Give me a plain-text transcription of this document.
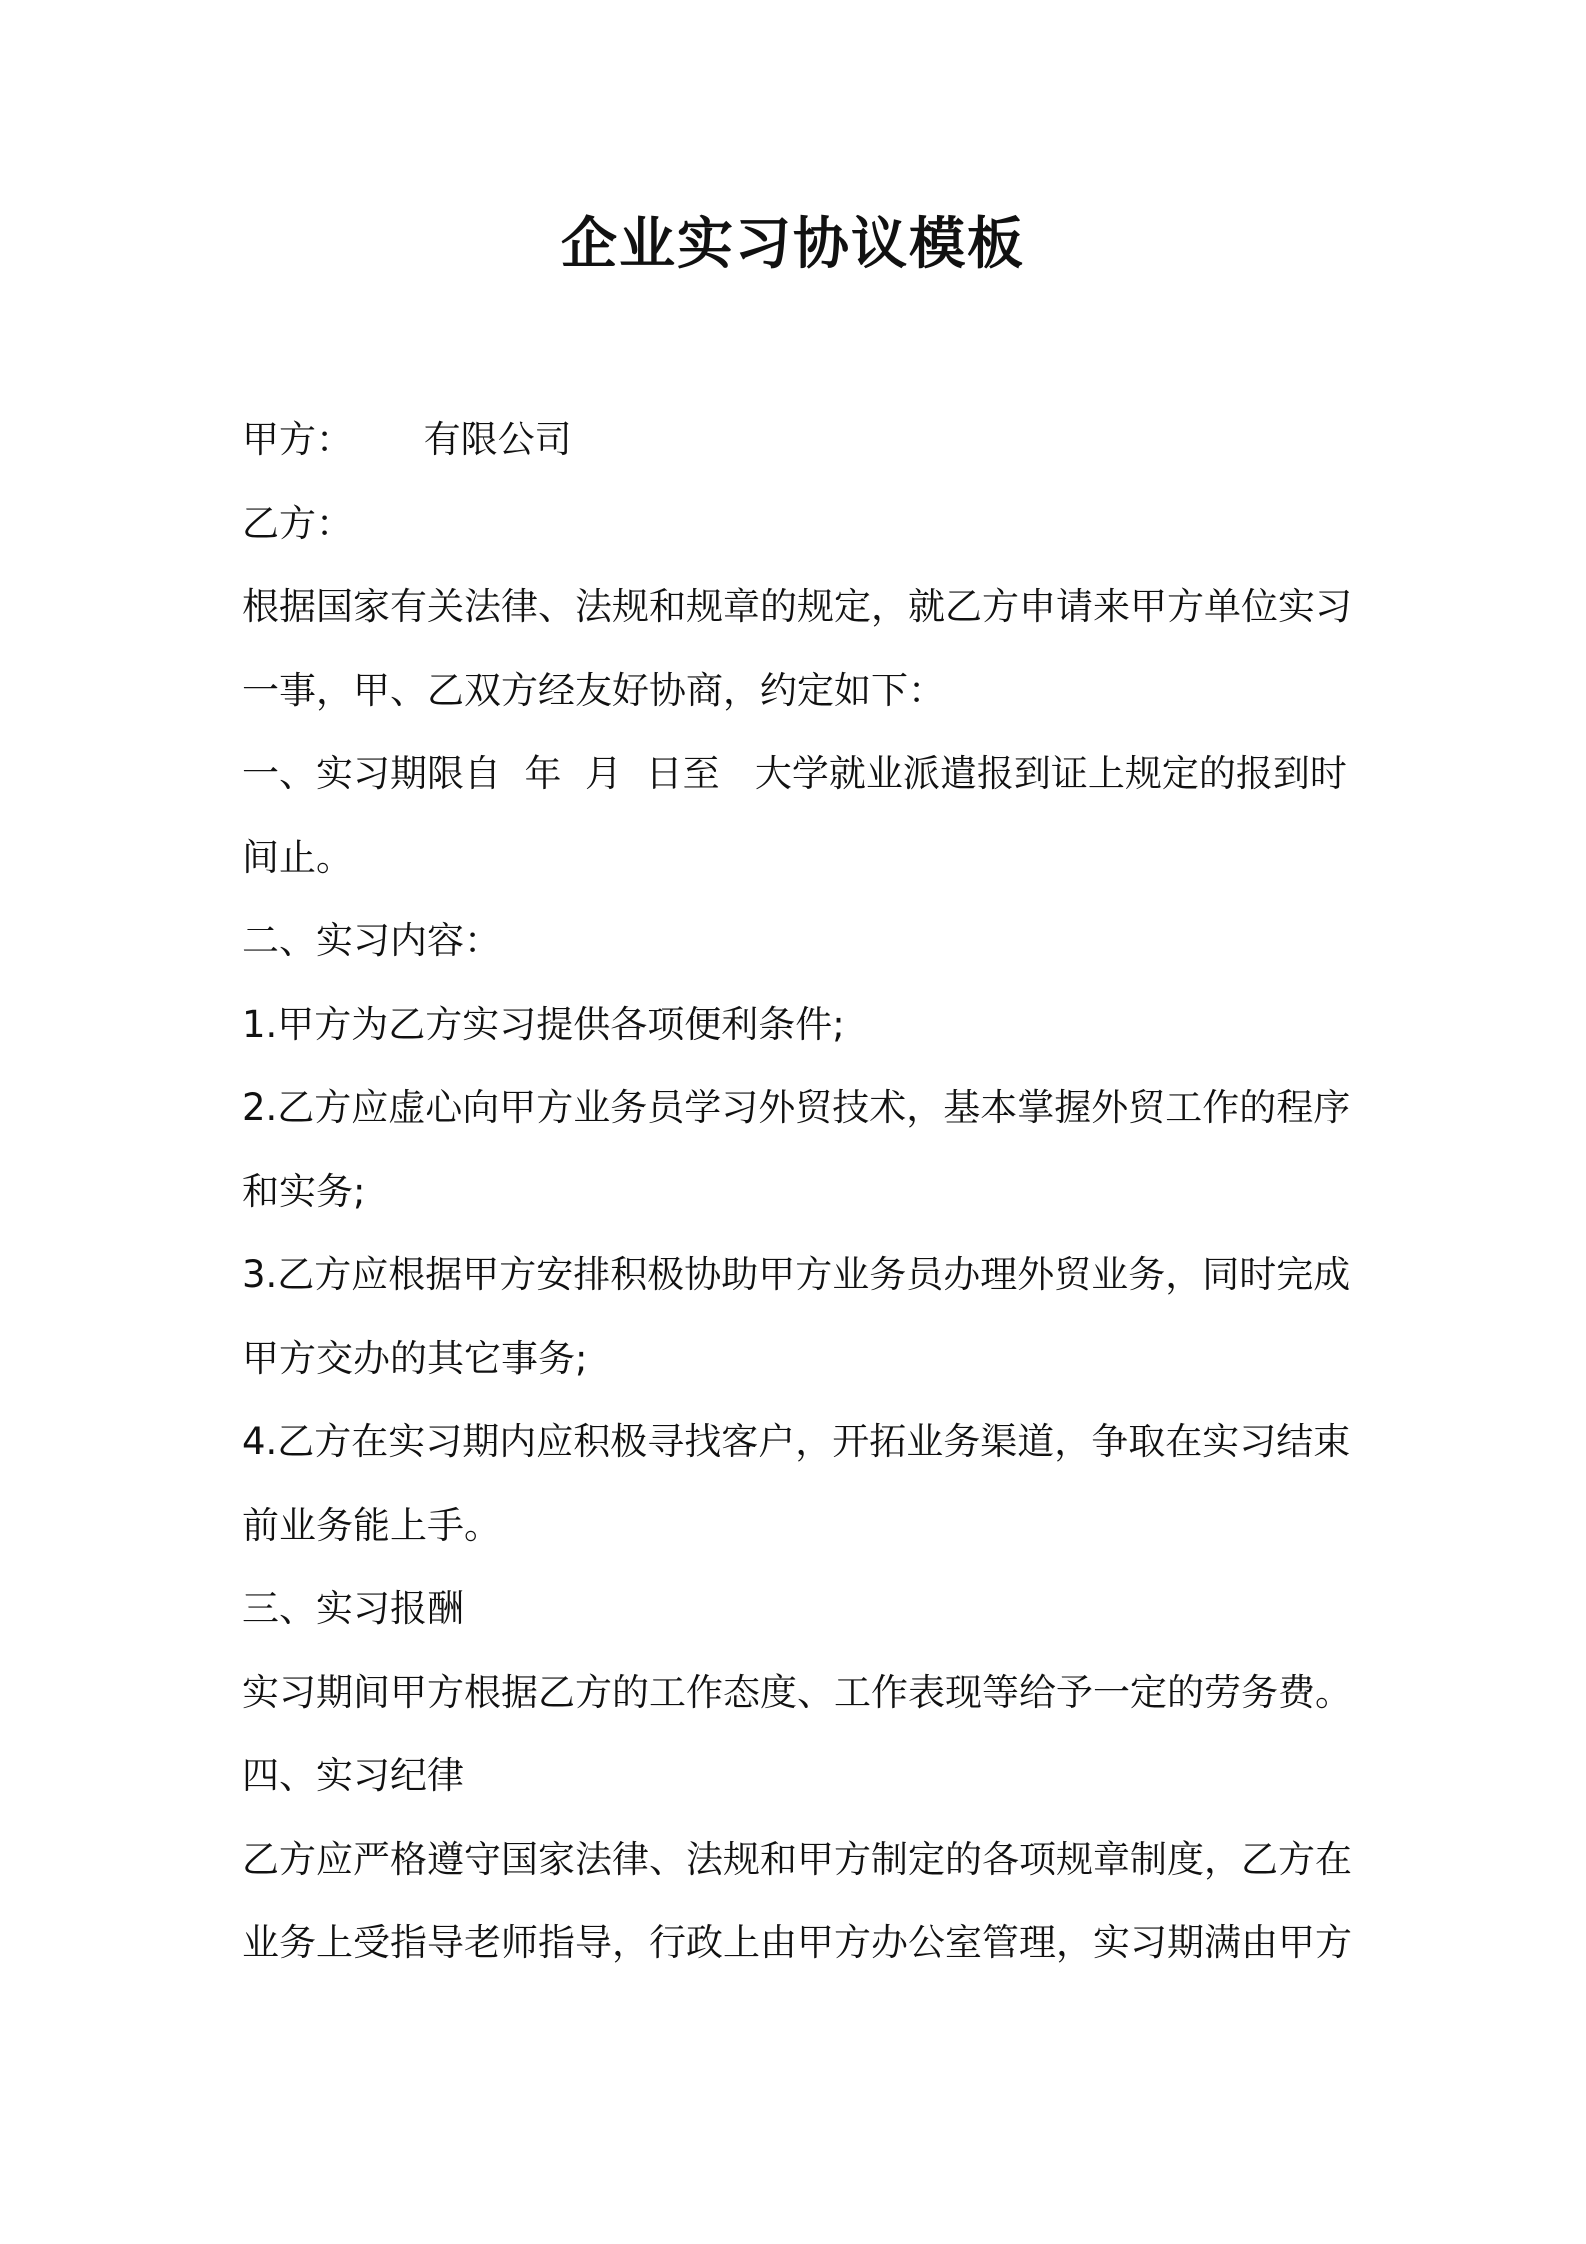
企业实习协议模板
甲方：      有限公司
乙方：
根据国家有关法律、法规和规章的规定，就乙方申请来甲方单位实习
一事，甲、乙双方经友好协商，约定如下：
一、实习期限自  年  月  日至   大学就业派遣报到证上规定的报到时
间止。
二、实习内容：
1.甲方为乙方实习提供各项便利条件;
2.乙方应虚心向甲方业务员学习外贸技术，基本掌握外贸工作的程序
和实务;
3.乙方应根据甲方安排积极协助甲方业务员办理外贸业务，同时完成
甲方交办的其它事务;
4.乙方在实习期内应积极寻找客户，开拓业务渠道，争取在实习结束
前业务能上手。
三、实习报酬
实习期间甲方根据乙方的工作态度、工作表现等给予一定的劳务费。
四、实习纪律
乙方应严格遵守国家法律、法规和甲方制定的各项规章制度，乙方在
业务上受指导老师指导，行政上由甲方办公室管理，实习期满由甲方
